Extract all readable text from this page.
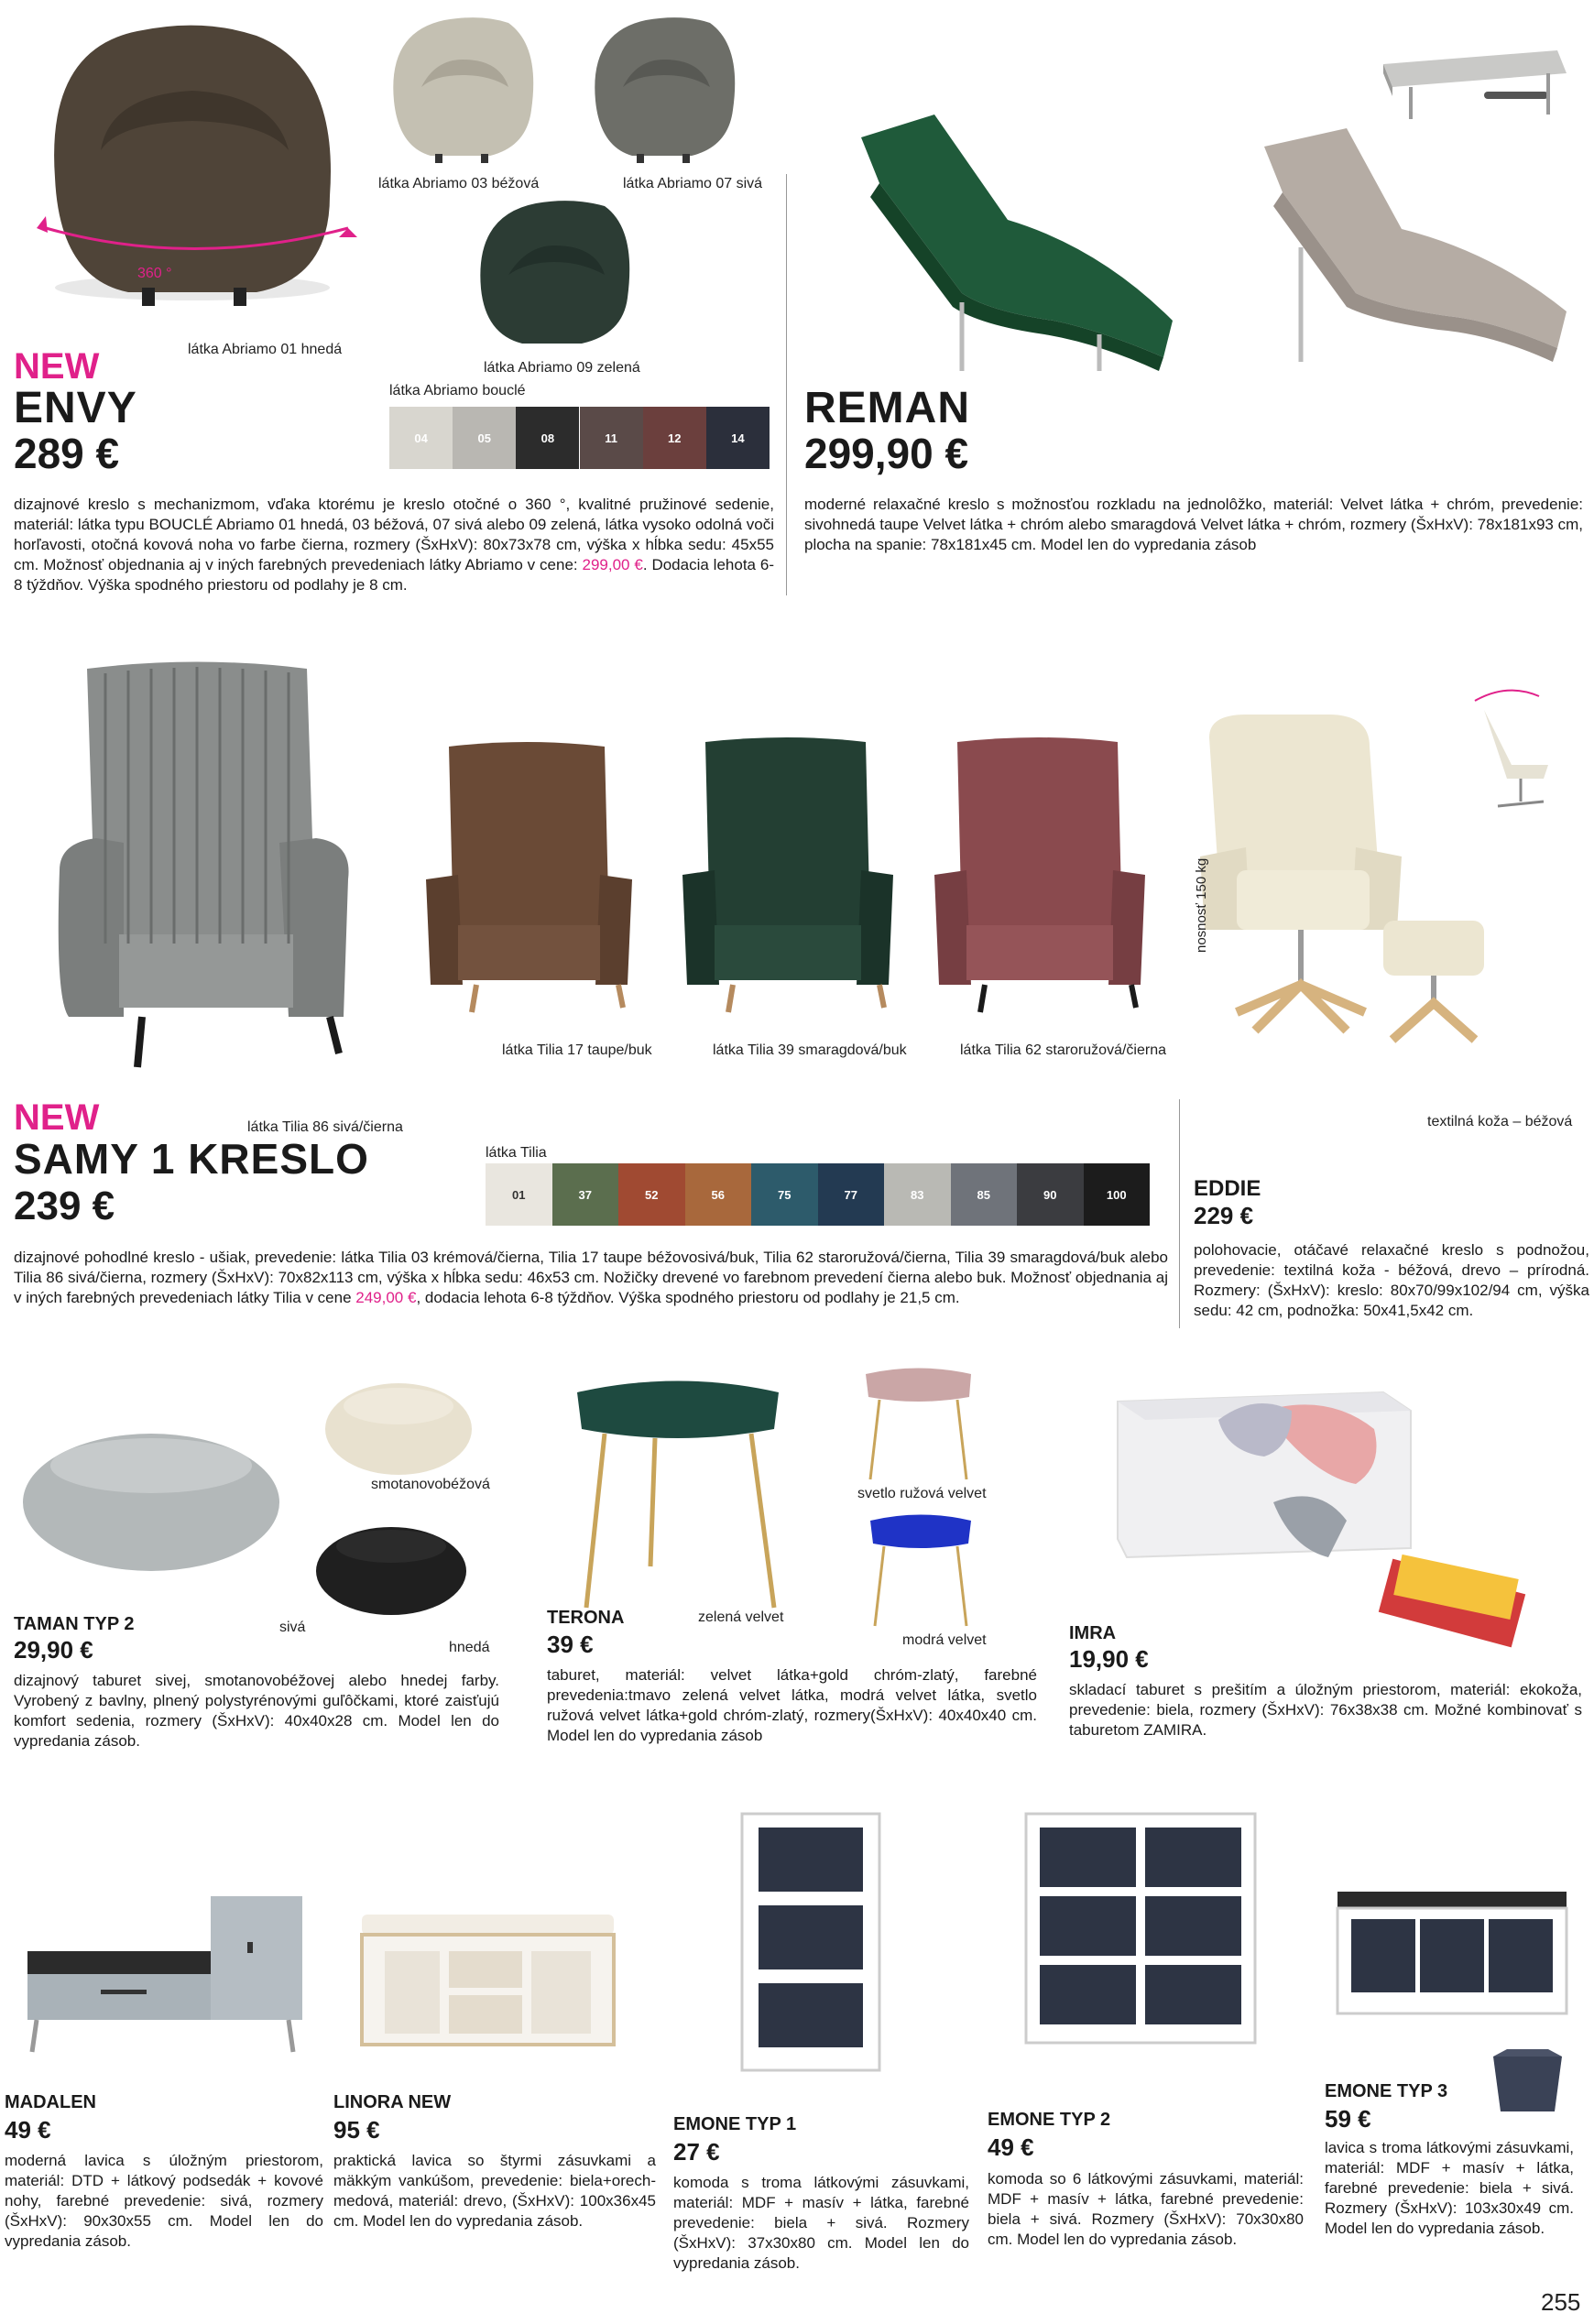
360 °
látka Abriamo 03 béžová	látka Abriamo 07 sivá
látka Abriamo 01 hnedá
látka Abriamo 09 zelená
látka Abriamo bouclé
NEW
ENVY
289 €	04	05	08	11	12	14
dizajnové kreslo s mechanizmom, vďaka ktorému je kreslo otočné o 360 °, kvalitné pružinové sedenie, materiál: látka typu BOUCLÉ Abriamo 01 hnedá, 03 béžová, 07 sivá alebo 09 zelená, látka vysoko odolná voči horľavosti, otočná kovová noha vo farbe čierna, rozmery (ŠxHxV): 80x73x78 cm, výška x hĺbka sedu: 45x55 cm. Možnosť objednania aj v iných farebných prevedeniach látky Abriamo v cene: 299,00 €. Dodacia lehota 6-8 týždňov. Výška spodného priestoru od podlahy je 8 cm.
REMAN
299,90 €
moderné relaxačné kreslo s možnosťou rozkladu na jednolôžko, materiál: Velvet látka + chróm, prevedenie: sivohnedá taupe Velvet látka + chróm alebo smaragdová Velvet látka + chróm, rozmery (ŠxHxV): 78x181x93 cm, plocha na spanie: 78x181x45 cm. Model len do vypredania zásob
látka Tilia 17 taupe/buk	látka Tilia 39 smaragdová/buk	látka Tilia 62 staroružová/čierna
NEW	látka Tilia 86 sivá/čierna
SAMY 1 KRESLO
239 €
látka Tilia
01	37	52	56	75	77	83	85	90	100
dizajnové pohodlné kreslo - ušiak, prevedenie: látka Tilia 03 krémová/čierna, Tilia 17 taupe béžovosivá/buk, Tilia 62 staroružová/čierna, Tilia 39 smaragdová/buk alebo Tilia 86 sivá/čierna, rozmery (ŠxHxV): 70x82x113 cm, výška x hĺbka sedu: 46x53 cm. Nožičky drevené vo farebnom prevedení čierna alebo buk. Možnosť objednania aj v iných farebných prevedeniach látky Tilia v cene 249,00 €, dodacia lehota 6-8 týždňov. Výška spodného priestoru od podlahy je 21,5 cm.
nosnosť 150 kg
textilná koža – béžová
EDDIE
229 €
polohovacie, otáčavé relaxačné kreslo s podnožou, prevedenie: textilná koža - béžová, drevo – prírodná. Rozmery: (ŠxHxV): kreslo: 80x70/99x102/94 cm, výška sedu: 42 cm, podnožka: 50x41,5x42 cm.
smotanovobéžová
TAMAN TYP 2	sivá
29,90 €	hnedá
dizajnový taburet sivej, smotanovobéžovej alebo hnedej farby. Vyrobený z bavlny, plnený polystyrénovými guľôčkami, ktoré zaisťujú komfort sedenia, rozmery (ŠxHxV): 40x40x28 cm. Model len do vypredania zásob.
svetlo ružová velvet
TERONA	zelená velvet
39 €	modrá velvet
taburet, materiál: velvet látka+gold chróm-zlatý, farebné prevedenia:tmavo zelená velvet látka, modrá velvet látka, svetlo ružová velvet látka+gold chróm-zlatý, rozmery(ŠxHxV): 40x40x40 cm. Model len do vypredania zásob
IMRA
19,90 €
skladací taburet s prešitím a úložným priestorom, materiál: ekokoža, prevedenie: biela, rozmery (ŠxHxV): 76x38x38 cm. Možné kombinovať s taburetom ZAMIRA.
MADALEN
49 €
moderná lavica s úložným priestorom, materiál: DTD + látkový podsedák + kovové nohy, farebné prevedenie: sivá, rozmery (ŠxHxV): 90x30x55 cm. Model len do vypredania zásob.
LINORA NEW
95 €
praktická lavica so štyrmi zásuvkami a mäkkým vankúšom, prevedenie: biela+orech-medová, materiál: drevo, (ŠxHxV): 100x36x45 cm. Model len do vypredania zásob.
EMONE TYP 1
27 €
komoda s troma látkovými zásuvkami, materiál: MDF + masív + látka, farebné prevedenie: biela + sivá. Rozmery (ŠxHxV): 37x30x80 cm. Model len do vypredania zásob.
EMONE TYP 2
49 €
komoda so 6 látkovými zásuvkami, materiál: MDF + masív + látka, farebné prevedenie: biela + sivá. Rozmery (ŠxHxV): 70x30x80 cm. Model len do vypredania zásob.
EMONE TYP 3
59 €
lavica s troma látkovými zásuvkami, materiál: MDF + masív + látka, farebné prevedenie: biela + sivá. Rozmery (ŠxHxV): 103x30x49 cm. Model len do vypredania zásob.
255
